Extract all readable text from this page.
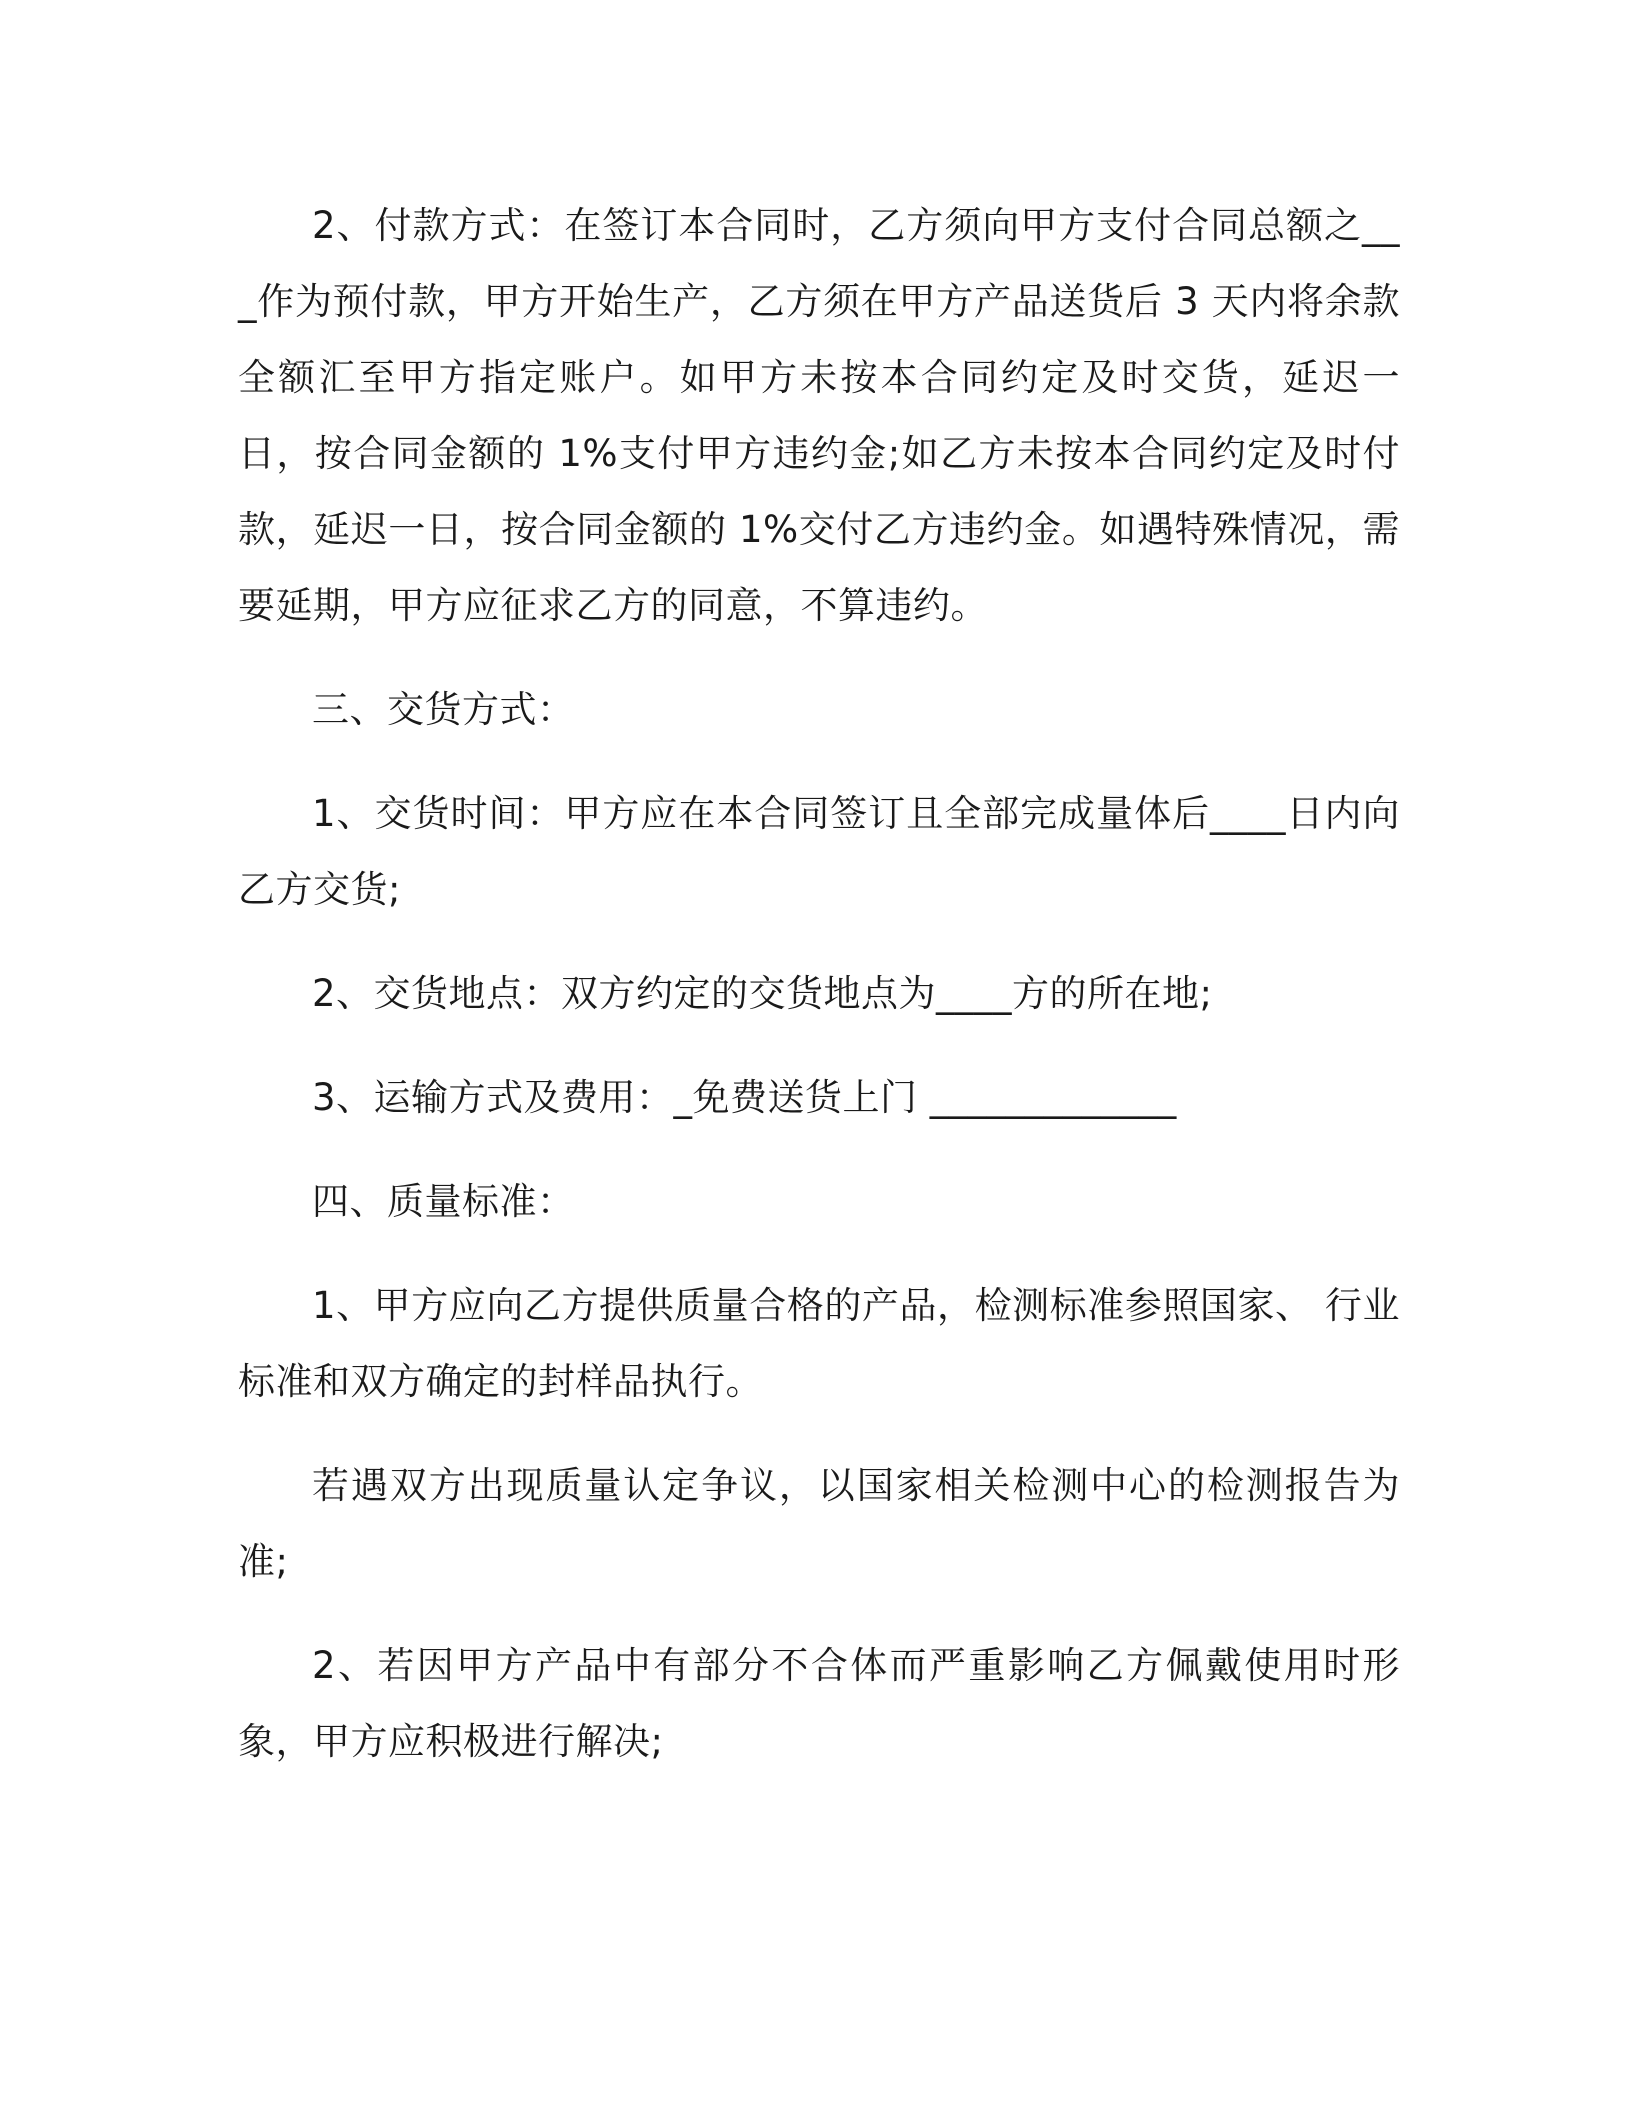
2、付款方式：在签订本合同时，乙方须向甲方支付合同总额之___作为预付款，甲方开始生产，乙方须在甲方产品送货后 3 天内将余款全额汇至甲方指定账户。如甲方未按本合同约定及时交货，延迟一日，按合同金额的 1%支付甲方违约金;如乙方未按本合同约定及时付款，延迟一日，按合同金额的 1%交付乙方违约金。如遇特殊情况，需要延期，甲方应征求乙方的同意，不算违约。

三、交货方式：

1、交货时间：甲方应在本合同签订且全部完成量体后____日内向乙方交货;

2、交货地点：双方约定的交货地点为____方的所在地;

3、运输方式及费用：_免费送货上门 _____________

四、质量标准：

1、甲方应向乙方提供质量合格的产品，检测标准参照国家、 行业标准和双方确定的封样品执行。

若遇双方出现质量认定争议，以国家相关检测中心的检测报告为准;

2、若因甲方产品中有部分不合体而严重影响乙方佩戴使用时形象，甲方应积极进行解决;
